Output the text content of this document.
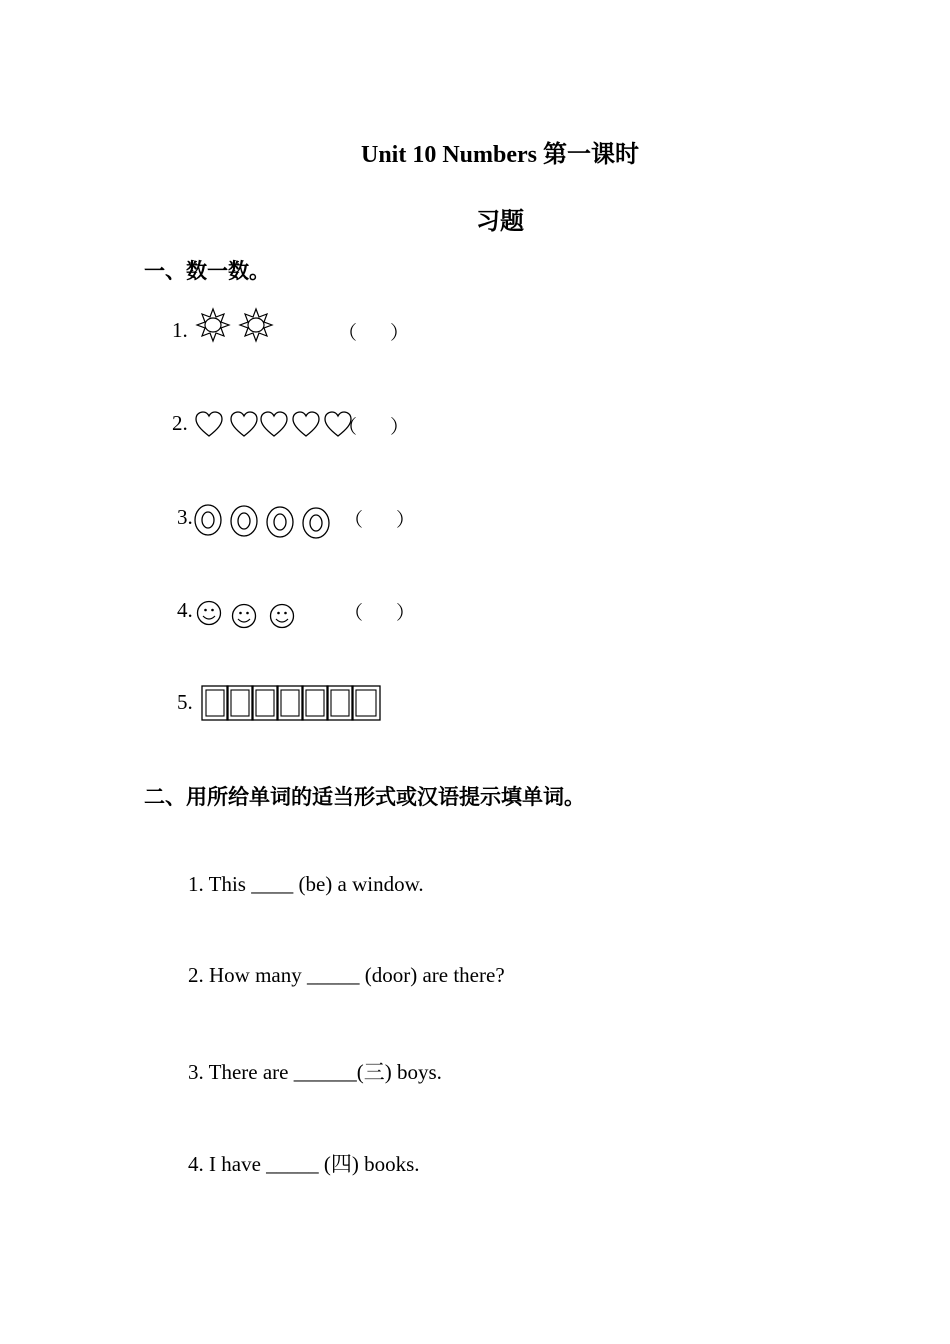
Unit 10 Numbers 第一课时
习题
一、数一数。
1.	（ ）
2.	（ ）
3.	（ ）
4.	（ ）
5.
二、用所给单词的适当形式或汉语提示填单词。
1. This ____ (be) a window.
2. How many _____ (door) are there?
3. There are ______(三) boys.
4. I have _____ (四) books.
